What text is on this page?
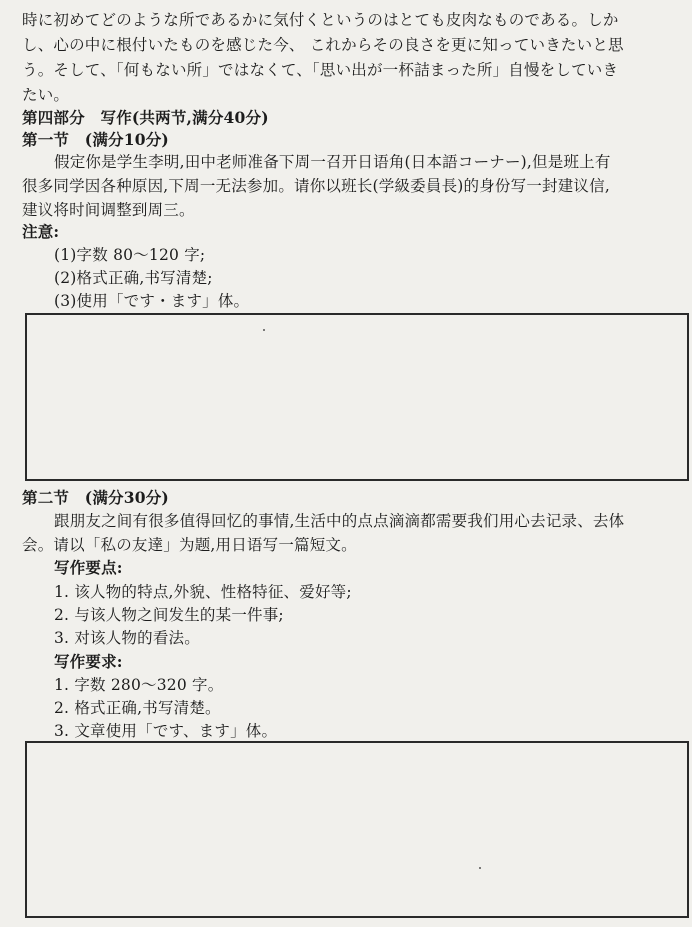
時に初めてどのような所であるかに気付くというのはとても皮肉なものである。しか
し、心の中に根付いたものを感じた今、 これからその良さを更に知っていきたいと思
う。そして、「何もない所」ではなくて、「思い出が一杯詰まった所」自慢をしていき
たい。
第四部分　写作(共两节,满分40分)
第一节　(满分10分)
假定你是学生李明,田中老师准备下周一召开日语角(日本語コーナー),但是班上有
很多同学因各种原因,下周一无法参加。请你以班长(学級委員長)的身份写一封建议信,
建议将时间调整到周三。
注意:
(1)字数 80～120 字;
(2)格式正确,书写清楚;
(3)使用「です・ます」体。
第二节　(满分30分)
跟朋友之间有很多值得回忆的事情,生活中的点点滴滴都需要我们用心去记录、去体
会。请以「私の友達」为题,用日语写一篇短文。
写作要点:
1. 该人物的特点,外貌、性格特征、爱好等;
2. 与该人物之间发生的某一件事;
3. 对该人物的看法。
写作要求:
1. 字数 280～320 字。
2. 格式正确,书写清楚。
3. 文章使用「です、ます」体。
